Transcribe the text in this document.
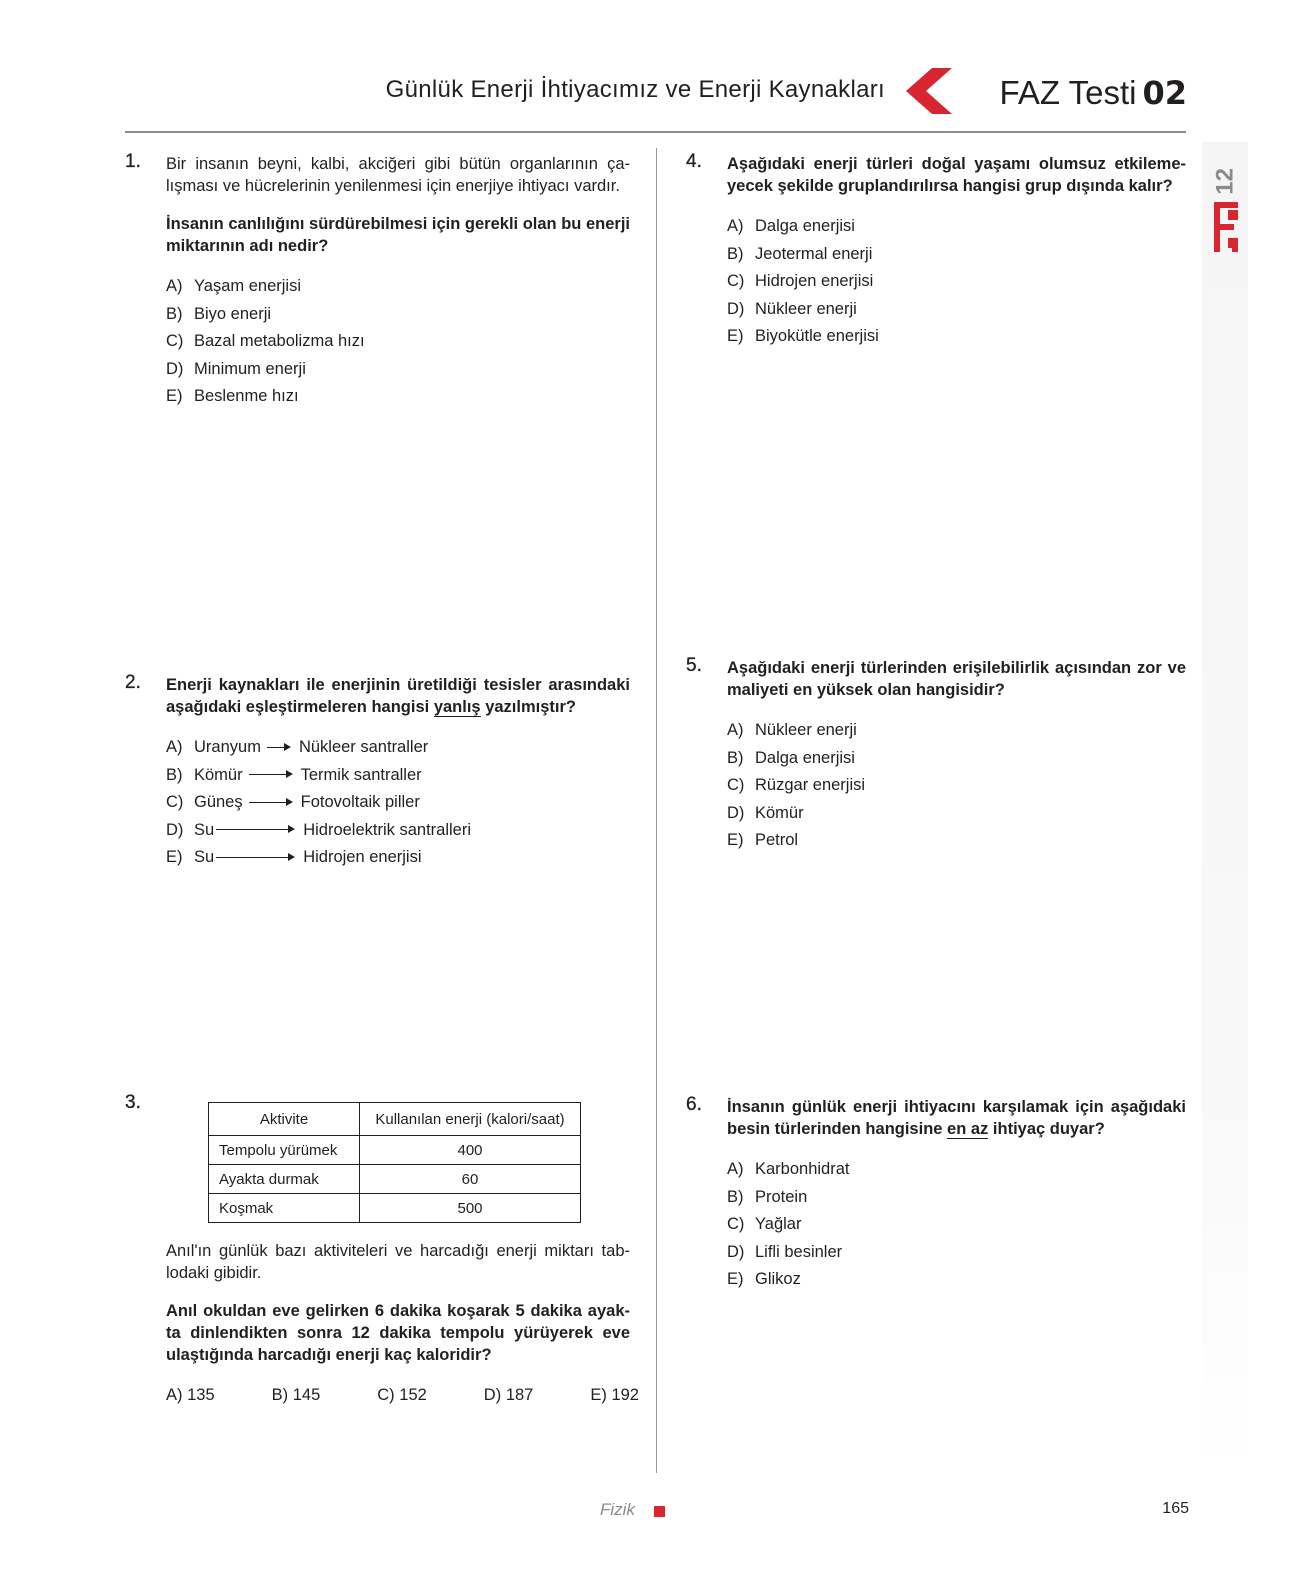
Günlük Enerji İhtiyacımız ve Enerji Kaynakları	FAZ Testi 02
12
1. Bir insanın beyni, kalbi, akciğeri gibi bütün organlarının ça-lışması ve hücrelerinin yenilenmesi için enerjiye ihtiyacı vardır.

İnsanın canlılığını sürdürebilmesi için gerekli olan bu enerji miktarının adı nedir?

A) Yaşam enerjisi
B) Biyo enerji
C) Bazal metabolizma hızı
D) Minimum enerji
E) Beslenme hızı
2. Enerji kaynakları ile enerjinin üretildiği tesisler arasındaki aşağıdaki eşleştirmeleren hangisi yanlış yazılmıştır?

A) Uranyum Nükleer santraller
B) Kömür	Termik santraller
C) Güneş	Fotovoltaik piller
D) Su	Hidroelektrik santralleri
E) Su	Hidrojen enerjisi
3.
Aktivite	Kullanılan enerji (kalori/saat)
Tempolu yürümek	400
Ayakta durmak	60
Koşmak	500

Anıl'ın günlük bazı aktiviteleri ve harcadığı enerji miktarı tab-lodaki gibidir.

Anıl okuldan eve gelirken 6 dakika koşarak 5 dakika ayak-ta dinlendikten sonra 12 dakika tempolu yürüyerek eve ulaştığında harcadığı enerji kaç kaloridir?

A) 135	B) 145	C) 152	D) 187	E) 192
4. Aşağıdaki enerji türleri doğal yaşamı olumsuz etkileme-yecek şekilde gruplandırılırsa hangisi grup dışında kalır?

A) Dalga enerjisi
B) Jeotermal enerji
C) Hidrojen enerjisi
D) Nükleer enerji
E) Biyokütle enerjisi
5. Aşağıdaki enerji türlerinden erişilebilirlik açısından zor ve maliyeti en yüksek olan hangisidir?

A) Nükleer enerji
B) Dalga enerjisi
C) Rüzgar enerjisi
D) Kömür
E) Petrol
6. İnsanın günlük enerji ihtiyacını karşılamak için aşağıdaki besin türlerinden hangisine en az ihtiyaç duyar?

A) Karbonhidrat
B) Protein
C) Yağlar
D) Lifli besinler
E) Glikoz
Fizik	165
